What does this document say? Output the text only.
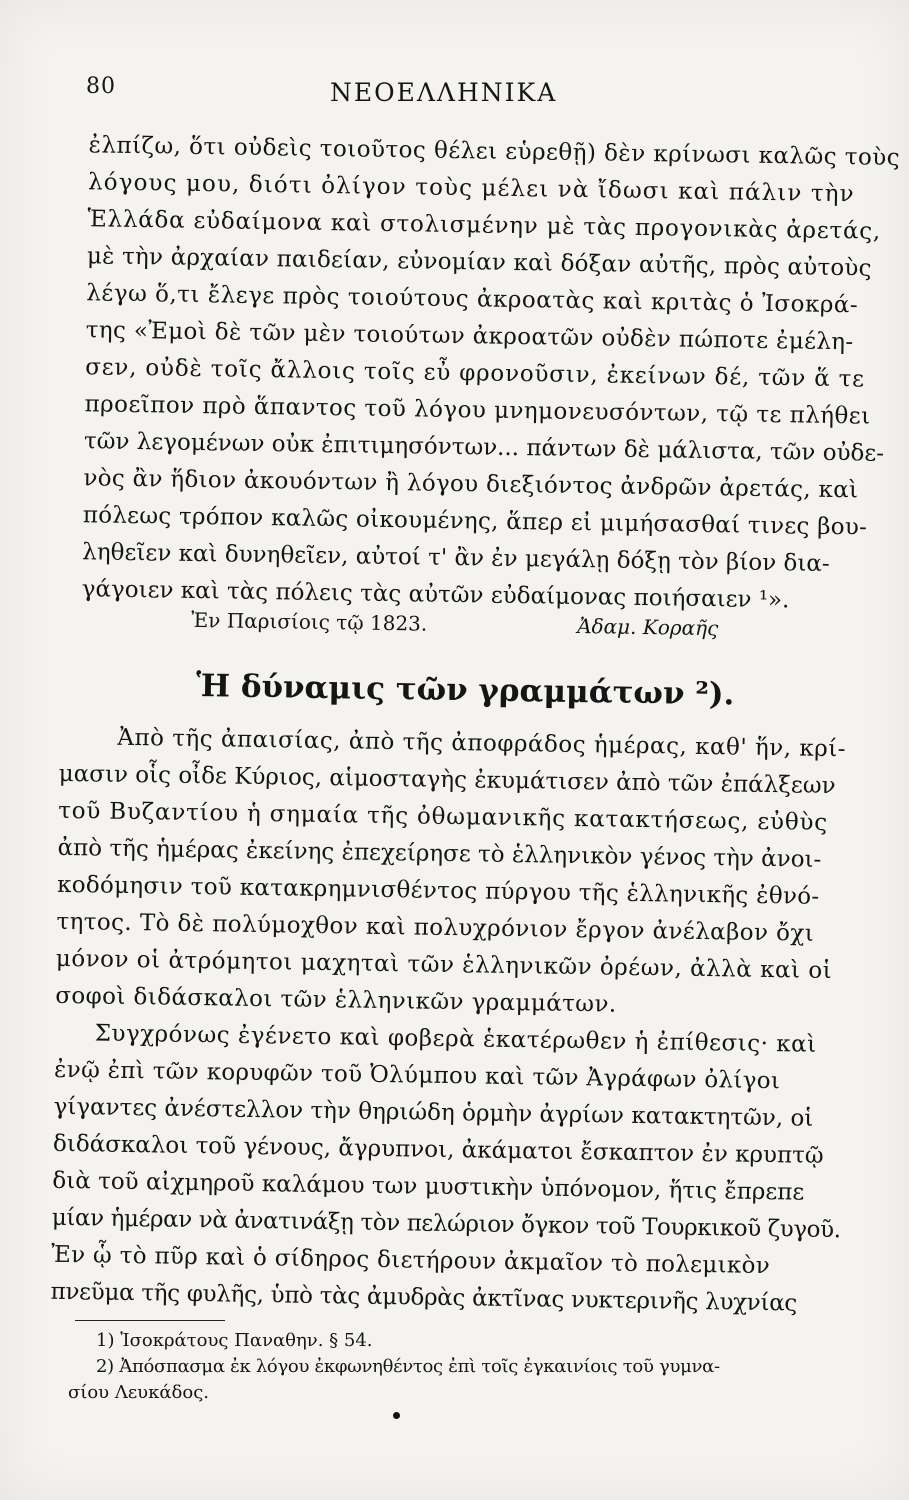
80	ΝΕΟΕΛΛΗΝΙΚΑ
ἐλπίζω, ὅτι οὐδεὶς τοιοῦτος θέλει εὑρεθῇ) δὲν κρίνωσι καλῶς τοὺς
λόγους μου, διότι ὀλίγον τοὺς μέλει νὰ ἴδωσι καὶ πάλιν τὴν
Ἑλλάδα εὐδαίμονα καὶ στολισμένην μὲ τὰς προγονικὰς ἀρετάς,
μὲ τὴν ἀρχαίαν παιδείαν, εὐνομίαν καὶ δόξαν αὐτῆς, πρὸς αὐτοὺς
λέγω ὅ,τι ἔλεγε πρὸς τοιούτους ἀκροατὰς καὶ κριτὰς ὁ Ἰσοκρά-
της «Ἐμοὶ δὲ τῶν μὲν τοιούτων ἀκροατῶν οὐδὲν πώποτε ἐμέλη-
σεν, οὐδὲ τοῖς ἄλλοις τοῖς εὖ φρονοῦσιν, ἐκείνων δέ, τῶν ἅ τε
προεῖπον πρὸ ἅπαντος τοῦ λόγου μνημονευσόντων, τῷ τε πλήθει
τῶν λεγομένων οὐκ ἐπιτιμησόντων... πάντων δὲ μάλιστα, τῶν οὐδε-
νὸς ἂν ἥδιον ἀκουόντων ἢ λόγου διεξιόντος ἀνδρῶν ἀρετάς, καὶ
πόλεως τρόπον καλῶς οἰκουμένης, ἅπερ εἰ μιμήσασθαί τινες βου-
ληθεῖεν καὶ δυνηθεῖεν, αὐτοί τ' ἂν ἐν μεγάλῃ δόξῃ τὸν βίον δια-
γάγοιεν καὶ τὰς πόλεις τὰς αὐτῶν εὐδαίμονας ποιήσαιεν ¹».
Ἐν Παρισίοις τῷ 1823.	Ἀδαμ. Κοραῆς
Ἡ δύναμις τῶν γραμμάτων ²).
Ἀπὸ τῆς ἀπαισίας, ἀπὸ τῆς ἀποφράδος ἡμέρας, καθ' ἥν, κρί-
μασιν οἷς οἶδε Κύριος, αἱμοσταγὴς ἐκυμάτισεν ἀπὸ τῶν ἐπάλξεων
τοῦ Βυζαντίου ἡ σημαία τῆς ὀθωμανικῆς κατακτήσεως, εὐθὺς
ἀπὸ τῆς ἡμέρας ἐκείνης ἐπεχείρησε τὸ ἑλληνικὸν γένος τὴν ἀνοι-
κοδόμησιν τοῦ κατακρημνισθέντος πύργου τῆς ἑλληνικῆς ἐθνό-
τητος. Τὸ δὲ πολύμοχθον καὶ πολυχρόνιον ἔργον ἀνέλαβον ὄχι
μόνον οἱ ἀτρόμητοι μαχηταὶ τῶν ἑλληνικῶν ὀρέων, ἀλλὰ καὶ οἱ
σοφοὶ διδάσκαλοι τῶν ἑλληνικῶν γραμμάτων.
Συγχρόνως ἐγένετο καὶ φοβερὰ ἑκατέρωθεν ἡ ἐπίθεσις· καὶ
ἐνῷ ἐπὶ τῶν κορυφῶν τοῦ Ὀλύμπου καὶ τῶν Ἀγράφων ὀλίγοι
γίγαντες ἀνέστελλον τὴν θηριώδη ὁρμὴν ἀγρίων κατακτητῶν, οἱ
διδάσκαλοι τοῦ γένους, ἄγρυπνοι, ἀκάματοι ἔσκαπτον ἐν κρυπτῷ
διὰ τοῦ αἰχμηροῦ καλάμου των μυστικὴν ὑπόνομον, ἥτις ἔπρεπε
μίαν ἡμέραν νὰ ἀνατινάξῃ τὸν πελώριον ὄγκον τοῦ Τουρκικοῦ ζυγοῦ.
Ἐν ᾧ τὸ πῦρ καὶ ὁ σίδηρος διετήρουν ἀκμαῖον τὸ πολεμικὸν
πνεῦμα τῆς φυλῆς, ὑπὸ τὰς ἀμυδρὰς ἀκτῖνας νυκτερινῆς λυχνίας
1) Ἰσοκράτους Παναθην. § 54.
2) Ἀπόσπασμα ἐκ λόγου ἐκφωνηθέντος ἐπὶ τοῖς ἐγκαινίοις τοῦ γυμνα-
σίου Λευκάδος.
